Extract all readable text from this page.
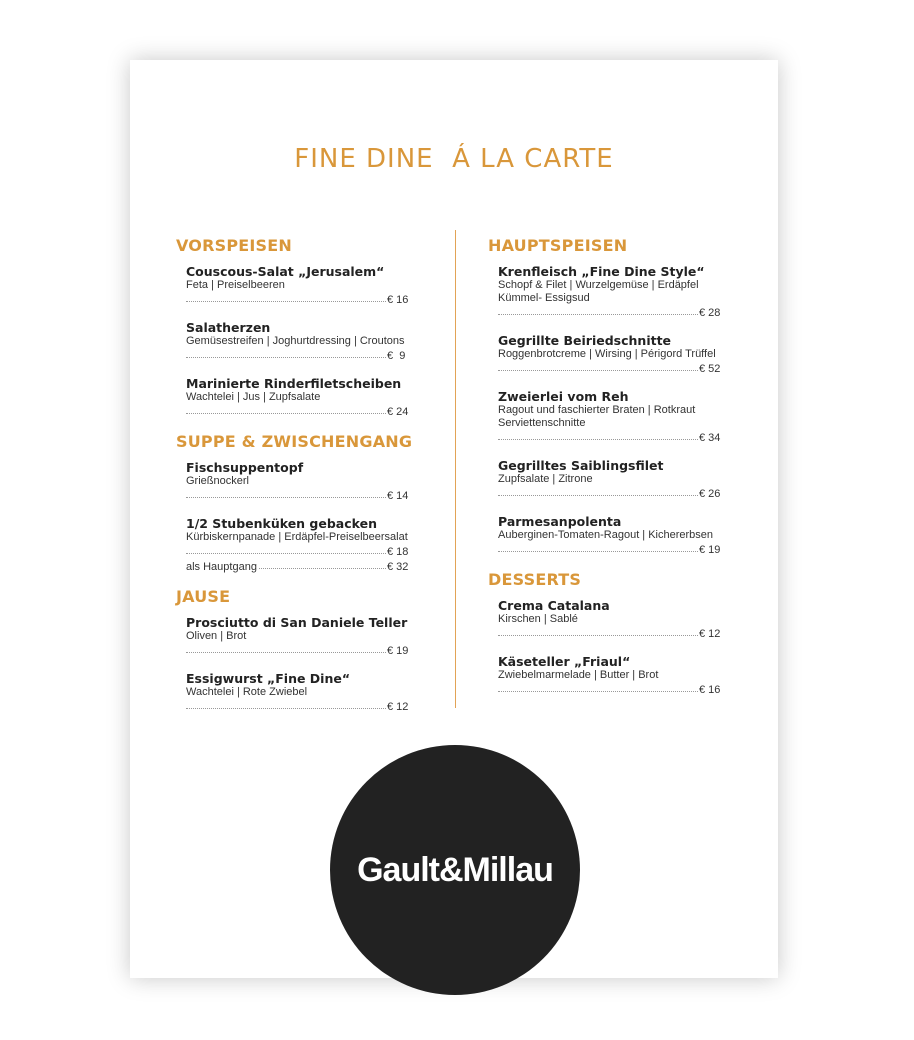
FINE DINE  Á LA CARTE
VORSPEISEN
Couscous-Salat „Jerusalem“
Feta | Preiselbeeren
€ 16
Salatherzen
Gemüsestreifen | Joghurtdressing | Croutons
€  9
Marinierte Rinderfiletscheiben
Wachtelei | Jus | Zupfsalate
€ 24
SUPPE & ZWISCHENGANG
Fischsuppentopf
Grießnockerl
€ 14
1/2 Stubenküken gebacken
Kürbiskernpanade | Erdäpfel-Preiselbeersalat
€ 18
als Hauptgang	€ 32
JAUSE
Prosciutto di San Daniele Teller
Oliven | Brot
€ 19
Essigwurst „Fine Dine“
Wachtelei | Rote Zwiebel
€ 12
HAUPTSPEISEN
Krenfleisch „Fine Dine Style“
Schopf & Filet | Wurzelgemüse | Erdäpfel
Kümmel- Essigsud
€ 28
Gegrillte Beiriedschnitte
Roggenbrotcreme | Wirsing | Périgord Trüffel
€ 52
Zweierlei vom Reh
Ragout und faschierter Braten | Rotkraut
Serviettenschnitte
€ 34
Gegrilltes Saiblingsfilet
Zupfsalate | Zitrone
€ 26
Parmesanpolenta
Auberginen-Tomaten-Ragout | Kichererbsen
€ 19
DESSERTS
Crema Catalana
Kirschen | Sablé
€ 12
Käseteller „Friaul“
Zwiebelmarmelade | Butter | Brot
€ 16
Gault&Millau
